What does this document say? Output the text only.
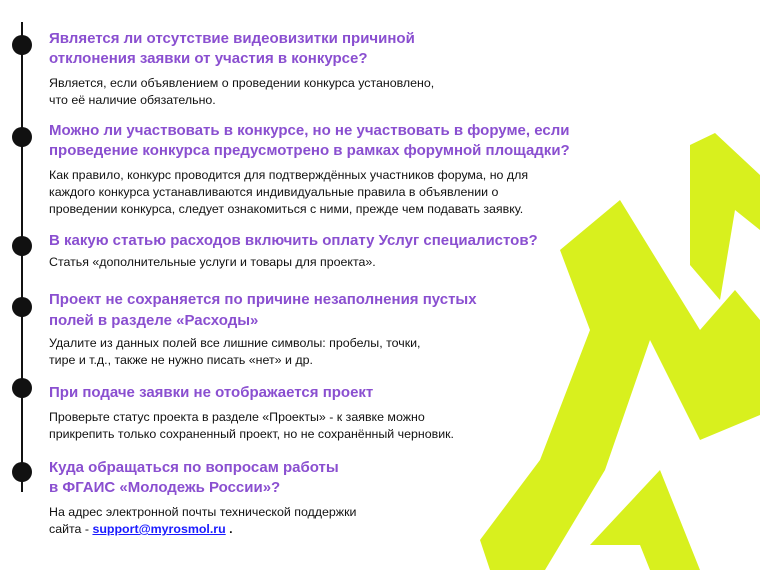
Является ли отсутствие видеовизитки причиной
отклонения заявки от участия в конкурсе?

Является, если объявлением о проведении конкурса установлено,
что её наличие обязательно.

Можно ли участвовать в конкурсе, но не участвовать в форуме, если
проведение конкурса предусмотрено в рамках форумной площадки?

Как правило, конкурс проводится для подтверждённых участников форума, но для
каждого конкурса устанавливаются индивидуальные правила в объявлении о
проведении конкурса, следует ознакомиться с ними, прежде чем подавать заявку.

В какую статью расходов включить оплату Услуг специалистов?

Статья «дополнительные услуги и товары для проекта».

Проект не сохраняется по причине незаполнения пустых
полей в разделе «Расходы»

Удалите из данных полей все лишние символы: пробелы, точки,
тире и т.д., также не нужно писать «нет» и др.

При подаче заявки не отображается проект

Проверьте статус проекта в разделе «Проекты» - к заявке можно
прикрепить только сохраненный проект, но не сохранённый черновик.

Куда обращаться по вопросам работы
в ФГАИС «Молодежь России»?

На адрес электронной почты технической поддержки
сайта - support@myrosmol.ru .
